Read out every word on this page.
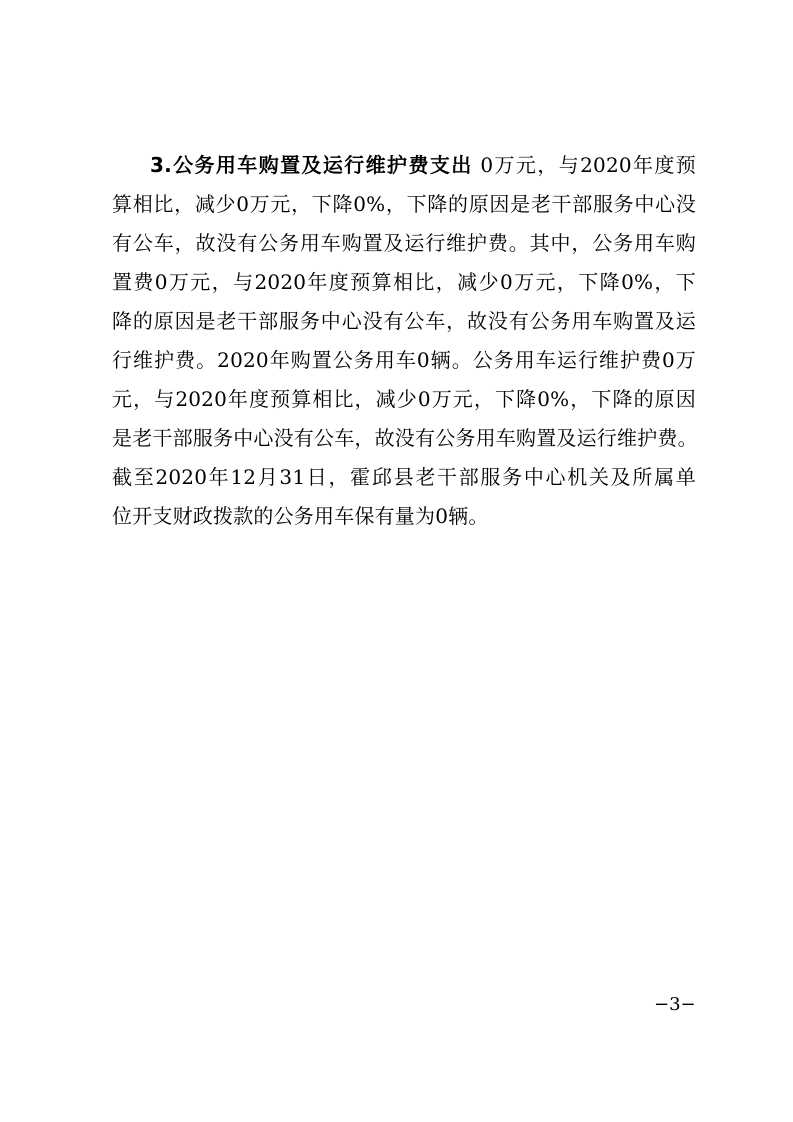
3.公务用车购置及运行维护费支出 0万元，与2020年度预
算相比，减少0万元，下降0%，下降的原因是老干部服务中心没
有公车，故没有公务用车购置及运行维护费。其中，公务用车购
置费0万元，与2020年度预算相比，减少0万元，下降0%，下
降的原因是老干部服务中心没有公车，故没有公务用车购置及运
行维护费。2020年购置公务用车0辆。公务用车运行维护费0万
元，与2020年度预算相比，减少0万元，下降0%，下降的原因
是老干部服务中心没有公车，故没有公务用车购置及运行维护费。
截至2020年12月31日，霍邱县老干部服务中心机关及所属单
位开支财政拨款的公务用车保有量为0辆。
−3−
